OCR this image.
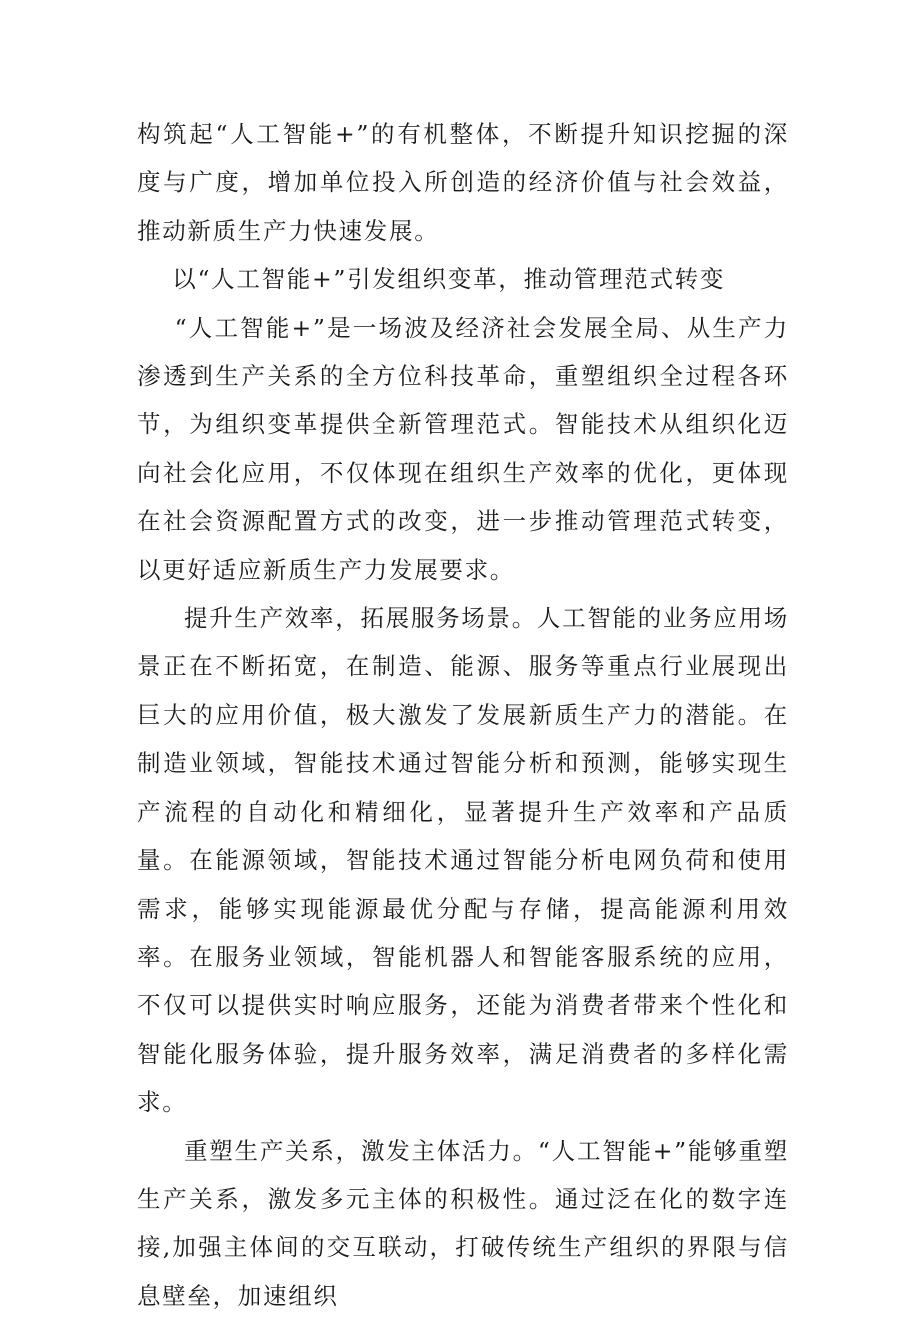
构筑起“人工智能+”的有机整体，不断提升知识挖掘的深度与广度，增加单位投入所创造的经济价值与社会效益，推动新质生产力快速发展。

以“人工智能+”引发组织变革，推动管理范式转变

“人工智能+”是一场波及经济社会发展全局、从生产力渗透到生产关系的全方位科技革命，重塑组织全过程各环节，为组织变革提供全新管理范式。智能技术从组织化迈向社会化应用，不仅体现在组织生产效率的优化，更体现在社会资源配置方式的改变，进一步推动管理范式转变，以更好适应新质生产力发展要求。

提升生产效率，拓展服务场景。人工智能的业务应用场景正在不断拓宽，在制造、能源、服务等重点行业展现出巨大的应用价值，极大激发了发展新质生产力的潜能。在制造业领域，智能技术通过智能分析和预测，能够实现生产流程的自动化和精细化，显著提升生产效率和产品质量。在能源领域，智能技术通过智能分析电网负荷和使用需求，能够实现能源最优分配与存储，提高能源利用效率。在服务业领域，智能机器人和智能客服系统的应用，不仅可以提供实时响应服务，还能为消费者带来个性化和智能化服务体验，提升服务效率，满足消费者的多样化需求。

重塑生产关系，激发主体活力。“人工智能+”能够重塑生产关系，激发多元主体的积极性。通过泛在化的数字连接,加强主体间的交互联动，打破传统生产组织的界限与信息壁垒，加速组织
